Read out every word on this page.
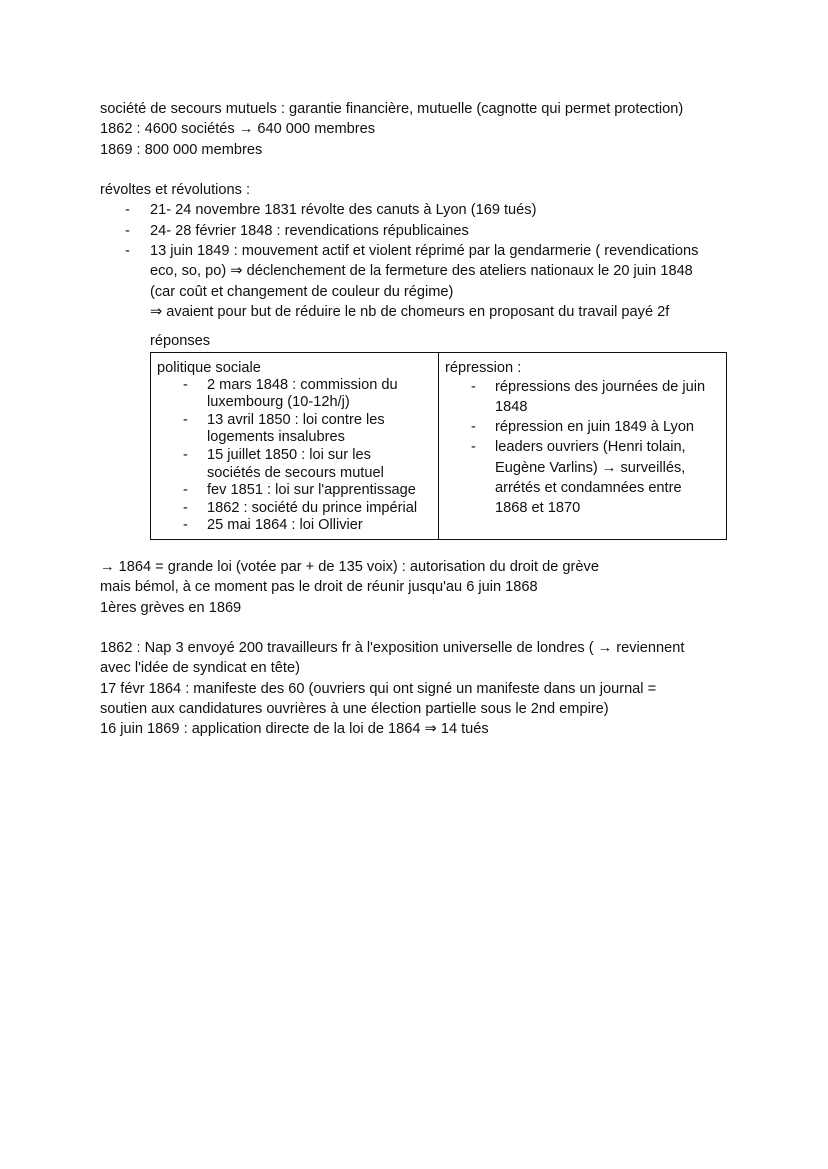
société de secours mutuels : garantie financière, mutuelle (cagnotte qui permet protection)
1862 : 4600 sociétés → 640 000 membres
1869 : 800 000 membres
révoltes et révolutions :
- 21- 24 novembre 1831 révolte des canuts à Lyon (169 tués)
- 24- 28 février 1848 : revendications républicaines
- 13 juin 1849 : mouvement actif et violent réprimé par la gendarmerie ( revendications
eco, so, po) ⇒ déclenchement de la fermeture des ateliers nationaux le 20 juin 1848
(car coût et changement de couleur du régime)
⇒ avaient pour but de réduire le nb de chomeurs en proposant du travail payé 2f
réponses
politique sociale
- 2 mars 1848 : commission du
luxembourg (10-12h/j)
- 13 avril 1850 : loi contre les
logements insalubres
- 15 juillet 1850 : loi sur les
sociétés de secours mutuel
- fev 1851 : loi sur l'apprentissage
- 1862 : société du prince impérial
- 25 mai 1864 : loi Ollivier

répression :
- répressions des journées de juin
1848
- répression en juin 1849 à Lyon
- leaders ouvriers (Henri tolain,
Eugène Varlins) → surveillés,
arrétés et condamnées entre
1868 et 1870
→ 1864 = grande loi (votée par + de 135 voix) : autorisation du droit de grève
mais bémol, à ce moment pas le droit de réunir jusqu'au 6 juin 1868
1ères grèves en 1869
1862 : Nap 3 envoyé 200 travailleurs fr à l'exposition universelle de londres ( → reviennent
avec l'idée de syndicat en tête)
17 févr 1864 : manifeste des 60 (ouvriers qui ont signé un manifeste dans un journal =
soutien aux candidatures ouvrières à une élection partielle sous le 2nd empire)
16 juin 1869 : application directe de la loi de 1864 ⇒ 14 tués
